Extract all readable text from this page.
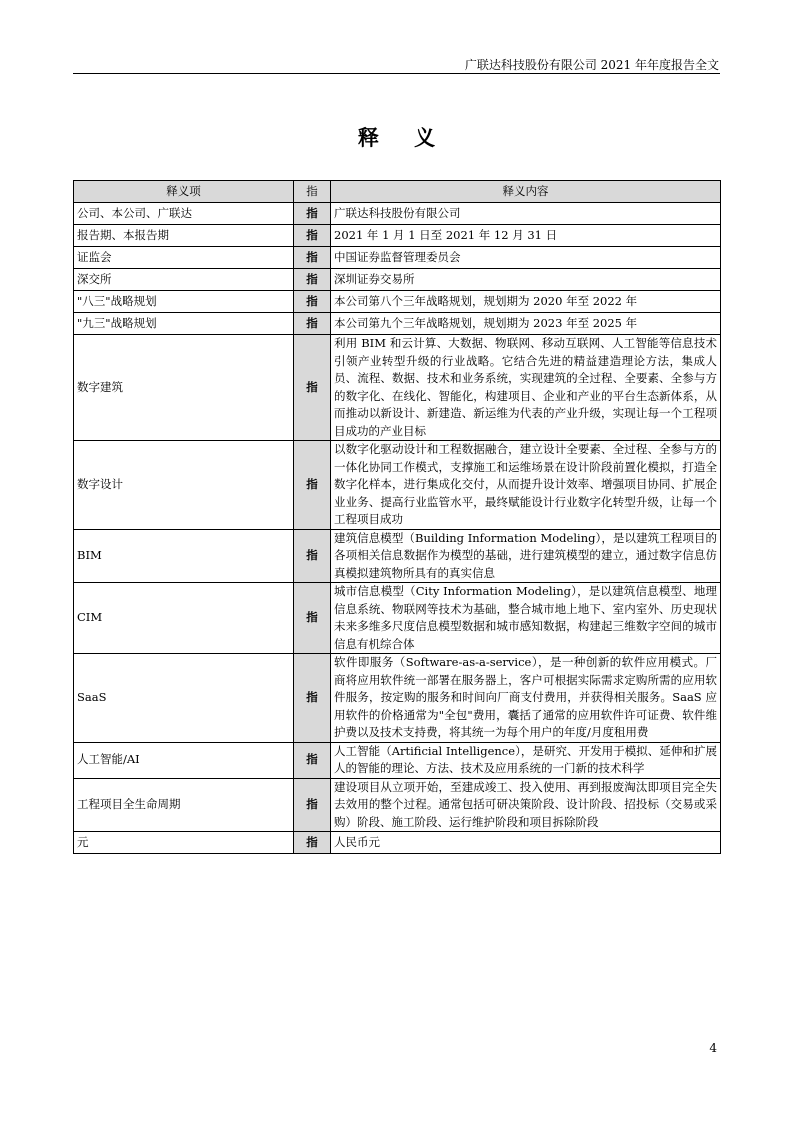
广联达科技股份有限公司 2021 年年度报告全文
释 义
释义项	指	释义内容
公司、本公司、广联达	指	广联达科技股份有限公司
报告期、本报告期	指	2021 年 1 月 1 日至 2021 年 12 月 31 日
证监会	指	中国证券监督管理委员会
深交所	指	深圳证券交易所
"八三"战略规划	指	本公司第八个三年战略规划，规划期为 2020 年至 2022 年
"九三"战略规划	指	本公司第九个三年战略规划，规划期为 2023 年至 2025 年
数字建筑	指	利用 BIM 和云计算、大数据、物联网、移动互联网、人工智能等信息技术引领产业转型升级的行业战略。它结合先进的精益建造理论方法，集成人员、流程、数据、技术和业务系统，实现建筑的全过程、全要素、全参与方的数字化、在线化、智能化，构建项目、企业和产业的平台生态新体系，从而推动以新设计、新建造、新运维为代表的产业升级，实现让每一个工程项目成功的产业目标
数字设计	指	以数字化驱动设计和工程数据融合，建立设计全要素、全过程、全参与方的一体化协同工作模式，支撑施工和运维场景在设计阶段前置化模拟，打造全数字化样本，进行集成化交付，从而提升设计效率、增强项目协同、扩展企业业务、提高行业监管水平，最终赋能设计行业数字化转型升级，让每一个工程项目成功
BIM	指	建筑信息模型（Building Information Modeling），是以建筑工程项目的各项相关信息数据作为模型的基础，进行建筑模型的建立，通过数字信息仿真模拟建筑物所具有的真实信息
CIM	指	城市信息模型（City Information Modeling），是以建筑信息模型、地理信息系统、物联网等技术为基础，整合城市地上地下、室内室外、历史现状未来多维多尺度信息模型数据和城市感知数据，构建起三维数字空间的城市信息有机综合体
SaaS	指	软件即服务（Software-as-a-service），是一种创新的软件应用模式。厂商将应用软件统一部署在服务器上，客户可根据实际需求定购所需的应用软件服务，按定购的服务和时间向厂商支付费用，并获得相关服务。SaaS 应用软件的价格通常为"全包"费用，囊括了通常的应用软件许可证费、软件维护费以及技术支持费，将其统一为每个用户的年度/月度租用费
人工智能/AI	指	人工智能（Artificial Intelligence），是研究、开发用于模拟、延伸和扩展人的智能的理论、方法、技术及应用系统的一门新的技术科学
工程项目全生命周期	指	建设项目从立项开始，至建成竣工、投入使用、再到报废淘汰即项目完全失去效用的整个过程。通常包括可研决策阶段、设计阶段、招投标（交易或采购）阶段、施工阶段、运行维护阶段和项目拆除阶段
元	指	人民币元
4
